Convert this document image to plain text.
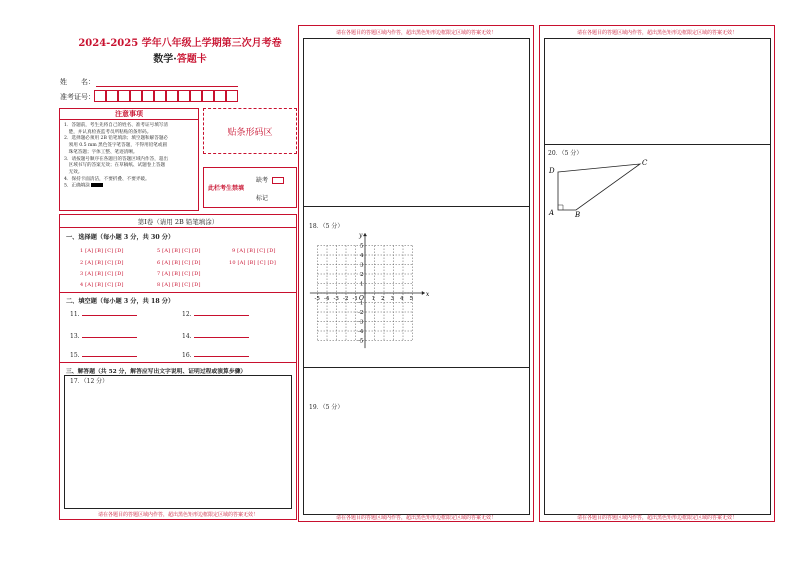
2024-2025 学年八年级上学期第三次月考卷
数学·答题卡
姓　　名：
准考证号：
注意事项
1．答题前，考生先将自己的姓名、准考证号填写清
　楚，并认真检查监考员所粘贴的条形码。
2．选择题必须用 2B 铅笔填涂；填空题和解答题必
　须用 0.5 mm 黑色签字笔答题，不得用铅笔或圆
　珠笔答题；字体工整、笔迹清晰。
3．请按题号顺序在各题目的答题区域内作答，超出
　区域书写的答案无效；在草稿纸、试题卷上答题
　无效。
4．保持卡面清洁，不要折叠、不要弄破。
5．正确填涂
贴条形码区
此栏考生禁填
缺考
标记
第Ⅰ卷（请用 2B 铅笔填涂）
一、选择题（每小题 3 分，共 30 分）
1 [A] [B] [C] [D]
2 [A] [B] [C] [D]
3 [A] [B] [C] [D]
4 [A] [B] [C] [D]
5 [A] [B] [C] [D]
6 [A] [B] [C] [D]
7 [A] [B] [C] [D]
8 [A] [B] [C] [D]
9 [A] [B] [C] [D]
10 [A] [B] [C] [D]
二、填空题（每小题 3 分，共 18 分）
11.	12.
13.	14.
15.	16.
三、解答题（共 52 分，解答应写出文字说明、证明过程或演算步骤）
17．（12 分）
请在各题目的答题区域内作答，超出黑色矩形边框限定区域的答案无效！
请在各题目的答题区域内作答，超出黑色矩形边框限定区域的答案无效！
请在各题目的答题区域内作答，超出黑色矩形边框限定区域的答案无效！
18．（5 分）
19．（5 分）
x
y
O
-5 -4 -3 -2 -1 1 2 3 4 5
5
4
3
2
1
-1
-2
-3
-4
-5
请在各题目的答题区域内作答，超出黑色矩形边框限定区域的答案无效！
20．（5 分）
D
C
A	B
请在各题目的答题区域内作答，超出黑色矩形边框限定区域的答案无效！
